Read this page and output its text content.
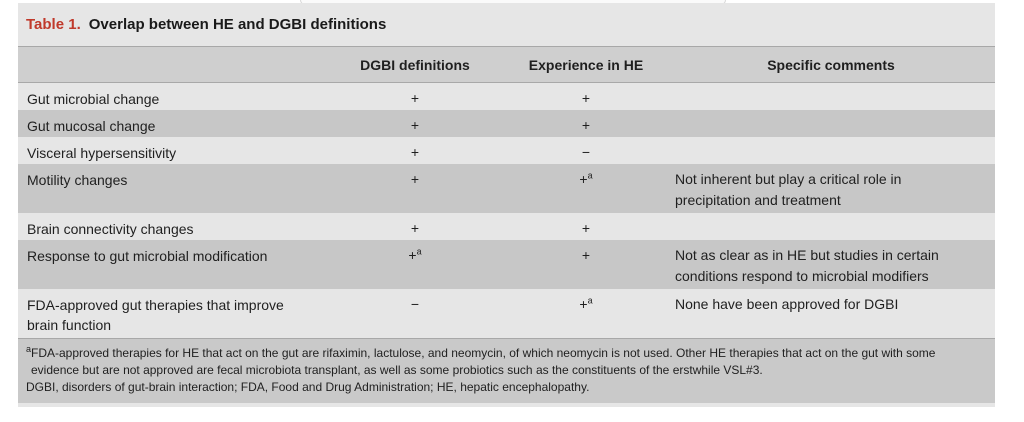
Table 1. Overlap between HE and DGBI definitions
	DGBI definitions	Experience in HE	Specific comments
Gut microbial change	+	+	
Gut mucosal change	+	+	
Visceral hypersensitivity	+	−	
Motility changes	+	+$^a$	Not inherent but play a critical role in
precipitation and treatment
Brain connectivity changes	+	+	
Response to gut microbial modification	+$^a$	+	Not as clear as in HE but studies in certain
conditions respond to microbial modifiers
FDA-approved gut therapies that improve
brain function	−	+$^a$	None have been approved for DGBI

$^a$FDA-approved therapies for HE that act on the gut are rifaximin, lactulose, and neomycin, of which neomycin is not used. Other HE therapies that act on the gut with some

evidence but are not approved are fecal microbiota transplant, as well as some probiotics such as the constituents of the erstwhile VSL#3.

DGBI, disorders of gut-brain interaction; FDA, Food and Drug Administration; HE, hepatic encephalopathy.
